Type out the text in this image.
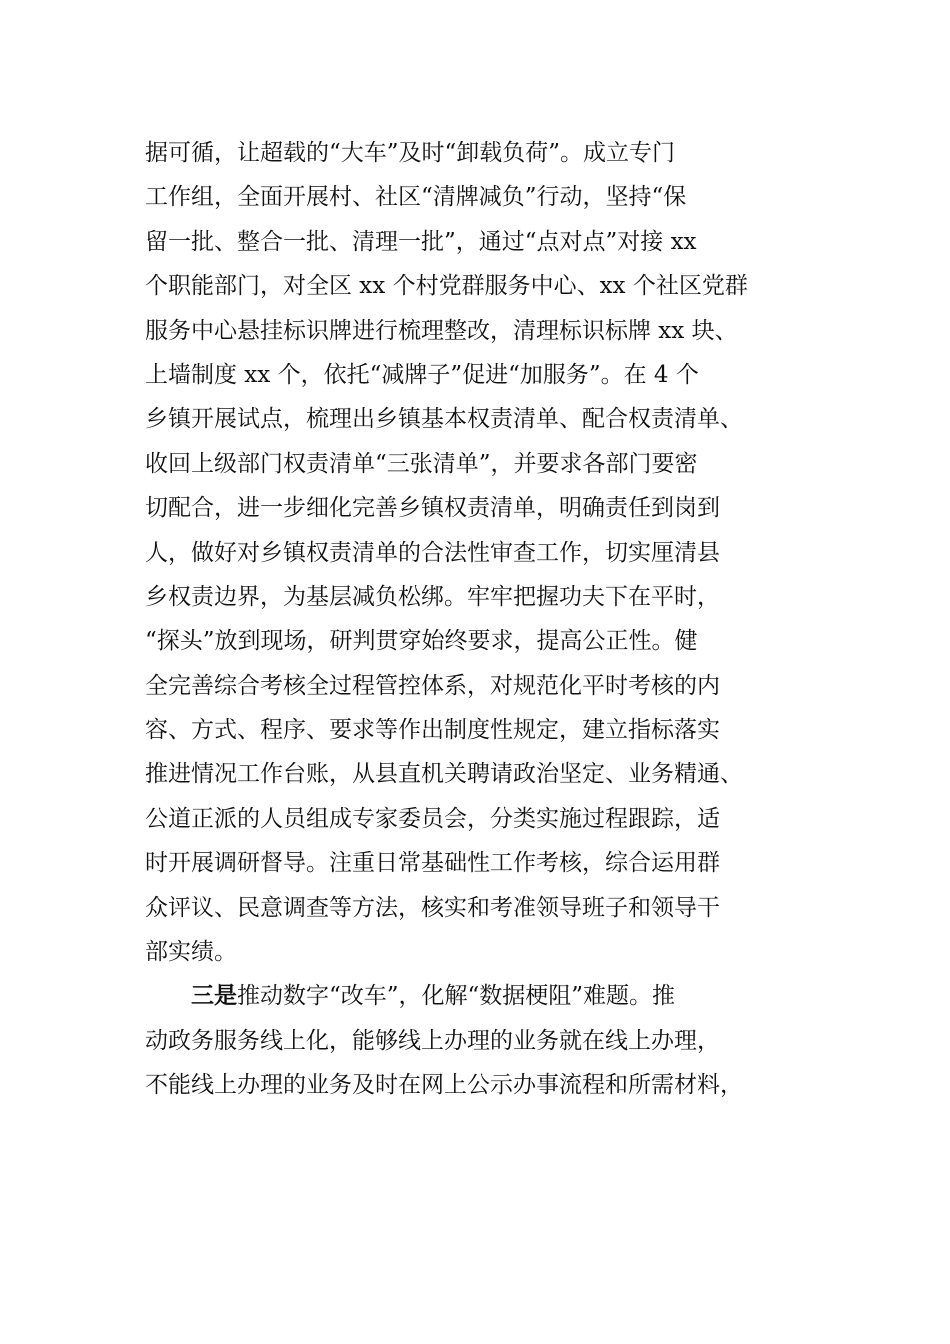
据可循，让超载的“大车”及时“卸载负荷”。成立专门
工作组，全面开展村、社区“清牌减负”行动，坚持“保
留一批、整合一批、清理一批”，通过“点对点”对接 xx
个职能部门，对全区 xx 个村党群服务中心、xx 个社区党群
服务中心悬挂标识牌进行梳理整改，清理标识标牌 xx 块、
上墙制度 xx 个，依托“减牌子”促进“加服务”。在 4 个
乡镇开展试点，梳理出乡镇基本权责清单、配合权责清单、
收回上级部门权责清单“三张清单”，并要求各部门要密
切配合，进一步细化完善乡镇权责清单，明确责任到岗到
人，做好对乡镇权责清单的合法性审查工作，切实厘清县
乡权责边界，为基层减负松绑。牢牢把握功夫下在平时，
“探头”放到现场，研判贯穿始终要求，提高公正性。健
全完善综合考核全过程管控体系，对规范化平时考核的内
容、方式、程序、要求等作出制度性规定，建立指标落实
推进情况工作台账，从县直机关聘请政治坚定、业务精通、
公道正派的人员组成专家委员会，分类实施过程跟踪，适
时开展调研督导。注重日常基础性工作考核，综合运用群
众评议、民意调查等方法，核实和考准领导班子和领导干
部实绩。
三是推动数字“改车”，化解“数据梗阻”难题。推
动政务服务线上化，能够线上办理的业务就在线上办理，
不能线上办理的业务及时在网上公示办事流程和所需材料，
